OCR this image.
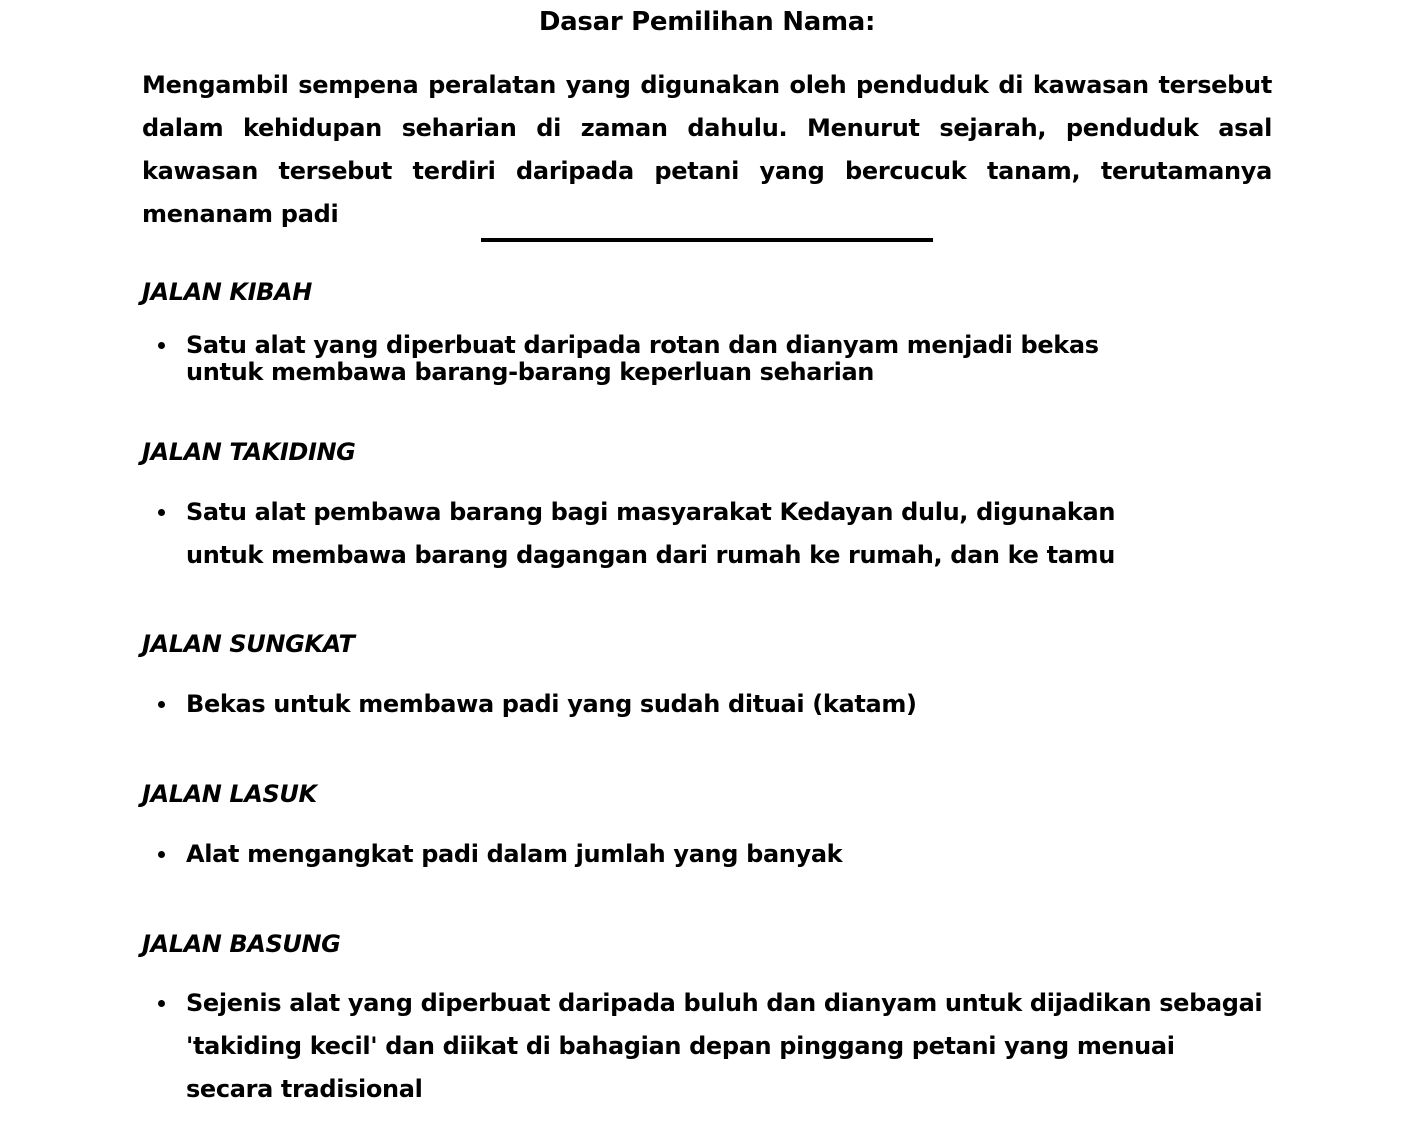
Dasar Pemilihan Nama:

Mengambil sempena peralatan yang digunakan oleh penduduk di kawasan tersebut dalam kehidupan seharian di zaman dahulu. Menurut sejarah, penduduk asal kawasan tersebut terdiri daripada petani yang bercucuk tanam, terutamanya menanam padi

JALAN KIBAH
Satu alat yang diperbuat daripada rotan dan dianyam menjadi bekas untuk membawa barang-barang keperluan seharian
JALAN TAKIDING
Satu alat pembawa barang bagi masyarakat Kedayan dulu, digunakan untuk membawa barang dagangan dari rumah ke rumah, dan ke tamu
JALAN SUNGKAT
Bekas untuk membawa padi yang sudah dituai (katam)
JALAN LASUK
Alat mengangkat padi dalam jumlah yang banyak
JALAN BASUNG
Sejenis alat yang diperbuat daripada buluh dan dianyam untuk dijadikan sebagai 'takiding kecil' dan diikat di bahagian depan pinggang petani yang menuai secara tradisional
